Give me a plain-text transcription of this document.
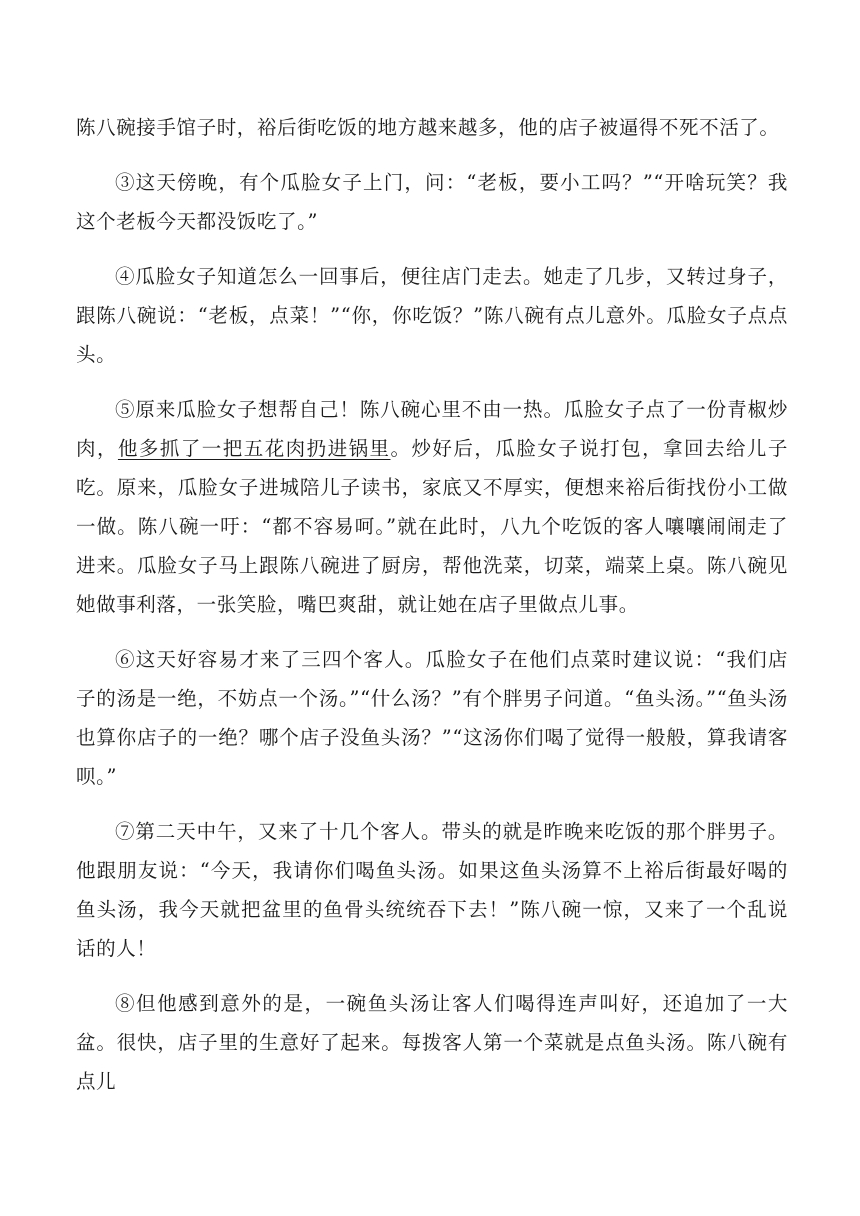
陈八碗接手馆子时，裕后街吃饭的地方越来越多，他的店子被逼得不死不活了。

③这天傍晚，有个瓜脸女子上门，问：“老板，要小工吗？”“开啥玩笑？我这个老板今天都没饭吃了。”

④瓜脸女子知道怎么一回事后，便往店门走去。她走了几步，又转过身子，跟陈八碗说：“老板，点菜！”“你，你吃饭？”陈八碗有点儿意外。瓜脸女子点点头。

⑤原来瓜脸女子想帮自己！陈八碗心里不由一热。瓜脸女子点了一份青椒炒肉，他多抓了一把五花肉扔进锅里。炒好后，瓜脸女子说打包，拿回去给儿子吃。原来，瓜脸女子进城陪儿子读书，家底又不厚实，便想来裕后街找份小工做一做。陈八碗一吁：“都不容易呵。”就在此时，八九个吃饭的客人嚷嚷闹闹走了进来。瓜脸女子马上跟陈八碗进了厨房，帮他洗菜，切菜，端菜上桌。陈八碗见她做事利落，一张笑脸，嘴巴爽甜，就让她在店子里做点儿事。

⑥这天好容易才来了三四个客人。瓜脸女子在他们点菜时建议说：“我们店子的汤是一绝，不妨点一个汤。”“什么汤？”有个胖男子问道。“鱼头汤。”“鱼头汤也算你店子的一绝？哪个店子没鱼头汤？”“这汤你们喝了觉得一般般，算我请客呗。”

⑦第二天中午，又来了十几个客人。带头的就是昨晚来吃饭的那个胖男子。他跟朋友说：“今天，我请你们喝鱼头汤。如果这鱼头汤算不上裕后街最好喝的鱼头汤，我今天就把盆里的鱼骨头统统吞下去！”陈八碗一惊，又来了一个乱说话的人！

⑧但他感到意外的是，一碗鱼头汤让客人们喝得连声叫好，还追加了一大盆。很快，店子里的生意好了起来。每拨客人第一个菜就是点鱼头汤。陈八碗有点儿
